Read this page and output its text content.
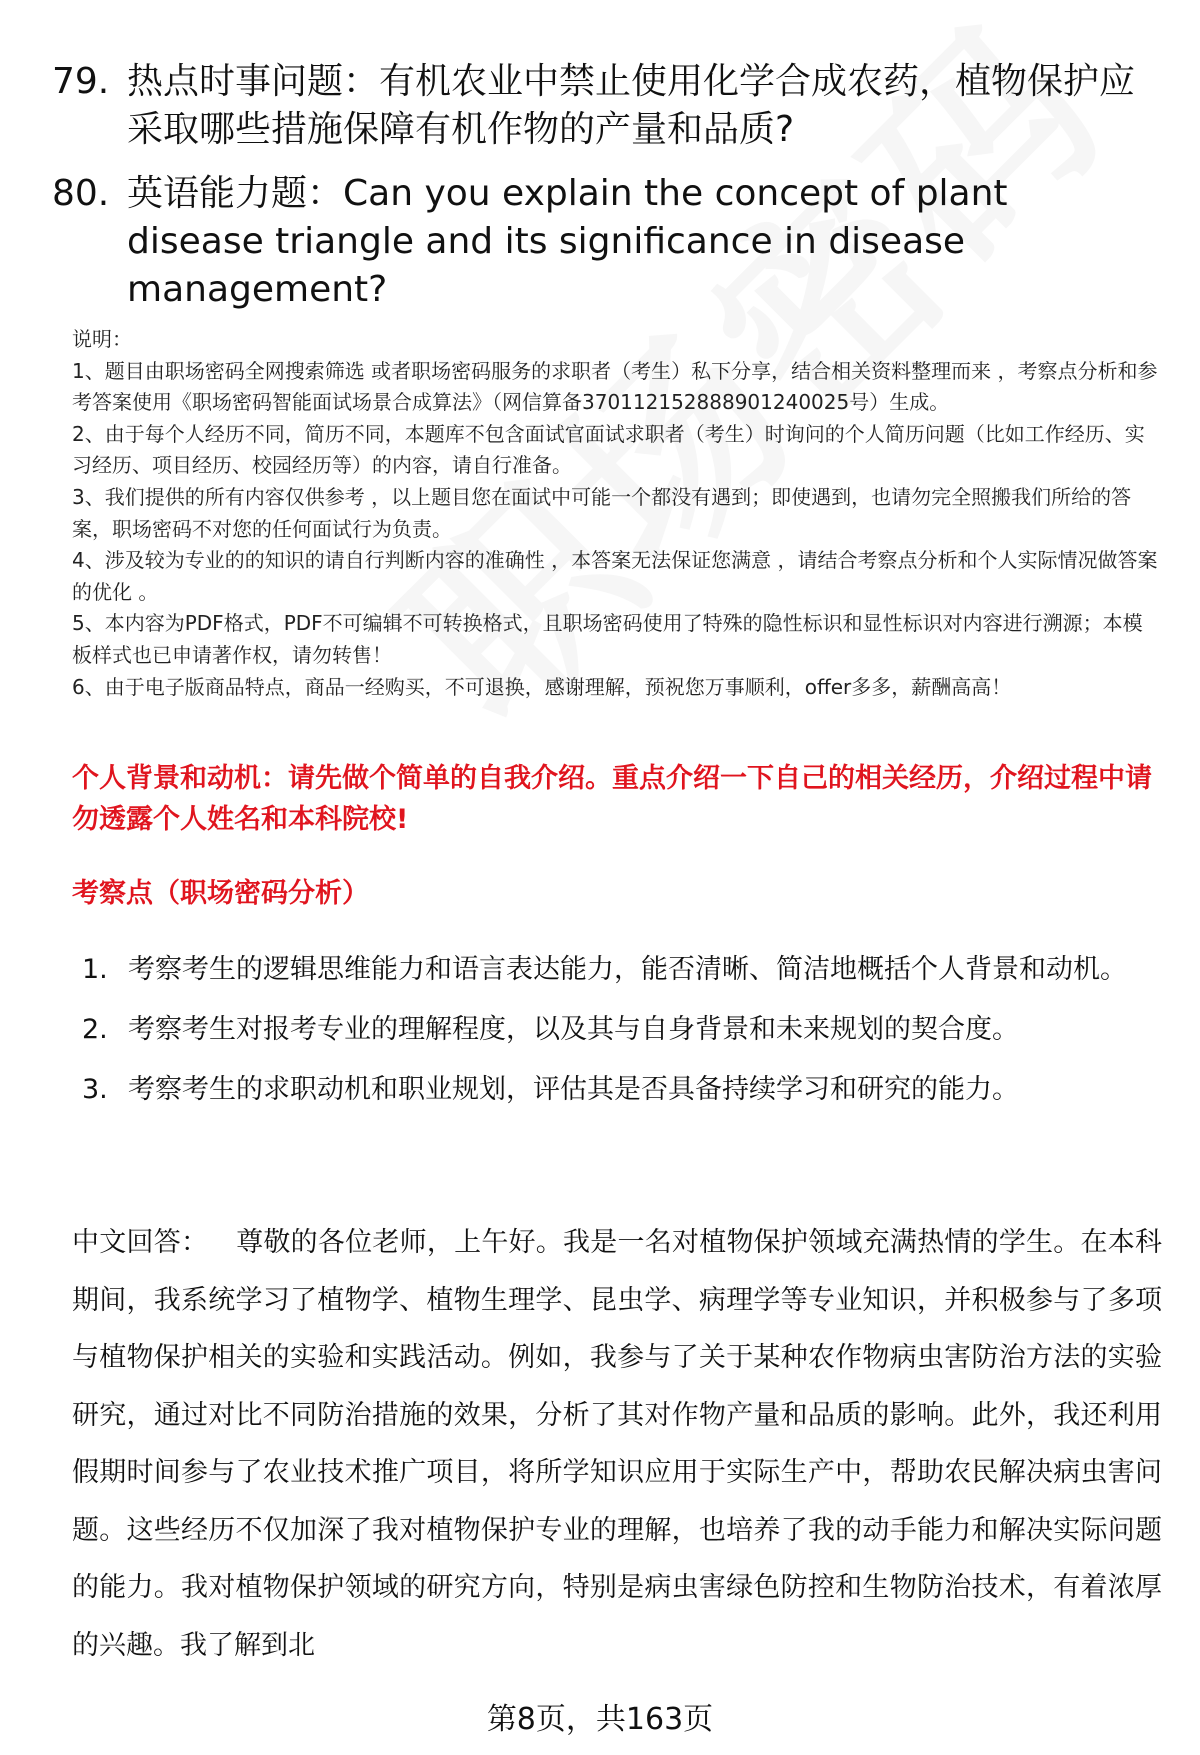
79. 热点时事问题：有机农业中禁止使用化学合成农药，植物保护应采取哪些措施保障有机作物的产量和品质?
80. 英语能力题：Can you explain the concept of plant disease triangle and its significance in disease management?

说明：

1、题目由职场密码全网搜索筛选 或者职场密码服务的求职者（考生）私下分享，结合相关资料整理而来 ，考察点分析和参考答案使用《职场密码智能面试场景合成算法》（网信算备370112152888901240025号）生成。

2、由于每个人经历不同，简历不同，本题库不包含面试官面试求职者（考生）时询问的个人简历问题（比如工作经历、实习经历、项目经历、校园经历等）的内容，请自行准备。

3、我们提供的所有内容仅供参考 ，以上题目您在面试中可能一个都没有遇到；即使遇到，也请勿完全照搬我们所给的答案，职场密码不对您的任何面试行为负责。

4、涉及较为专业的的知识的请自行判断内容的准确性 ，本答案无法保证您满意 ，请结合考察点分析和个人实际情况做答案的优化 。

5、本内容为PDF格式，PDF不可编辑不可转换格式，且职场密码使用了特殊的隐性标识和显性标识对内容进行溯源；本模板样式也已申请著作权，请勿转售！

6、由于电子版商品特点，商品一经购买，不可退换，感谢理解，预祝您万事顺利，offer多多，薪酬高高！

个人背景和动机：请先做个简单的自我介绍。重点介绍一下自己的相关经历，介绍过程中请勿透露个人姓名和本科院校!
考察点（职场密码分析）
1. 考察考生的逻辑思维能力和语言表达能力，能否清晰、简洁地概括个人背景和动机。
2. 考察考生对报考专业的理解程度，以及其与自身背景和未来规划的契合度。
3. 考察考生的求职动机和职业规划，评估其是否具备持续学习和研究的能力。
中文回答： 尊敬的各位老师，上午好。我是一名对植物保护领域充满热情的学生。在本科期间，我系统学习了植物学、植物生理学、昆虫学、病理学等专业知识，并积极参与了多项与植物保护相关的实验和实践活动。例如，我参与了关于某种农作物病虫害防治方法的实验研究，通过对比不同防治措施的效果，分析了其对作物产量和品质的影响。此外，我还利用假期时间参与了农业技术推广项目，将所学知识应用于实际生产中，帮助农民解决病虫害问题。这些经历不仅加深了我对植物保护专业的理解，也培养了我的动手能力和解决实际问题的能力。我对植物保护领域的研究方向，特别是病虫害绿色防控和生物防治技术，有着浓厚的兴趣。我了解到北
第8页，共163页
